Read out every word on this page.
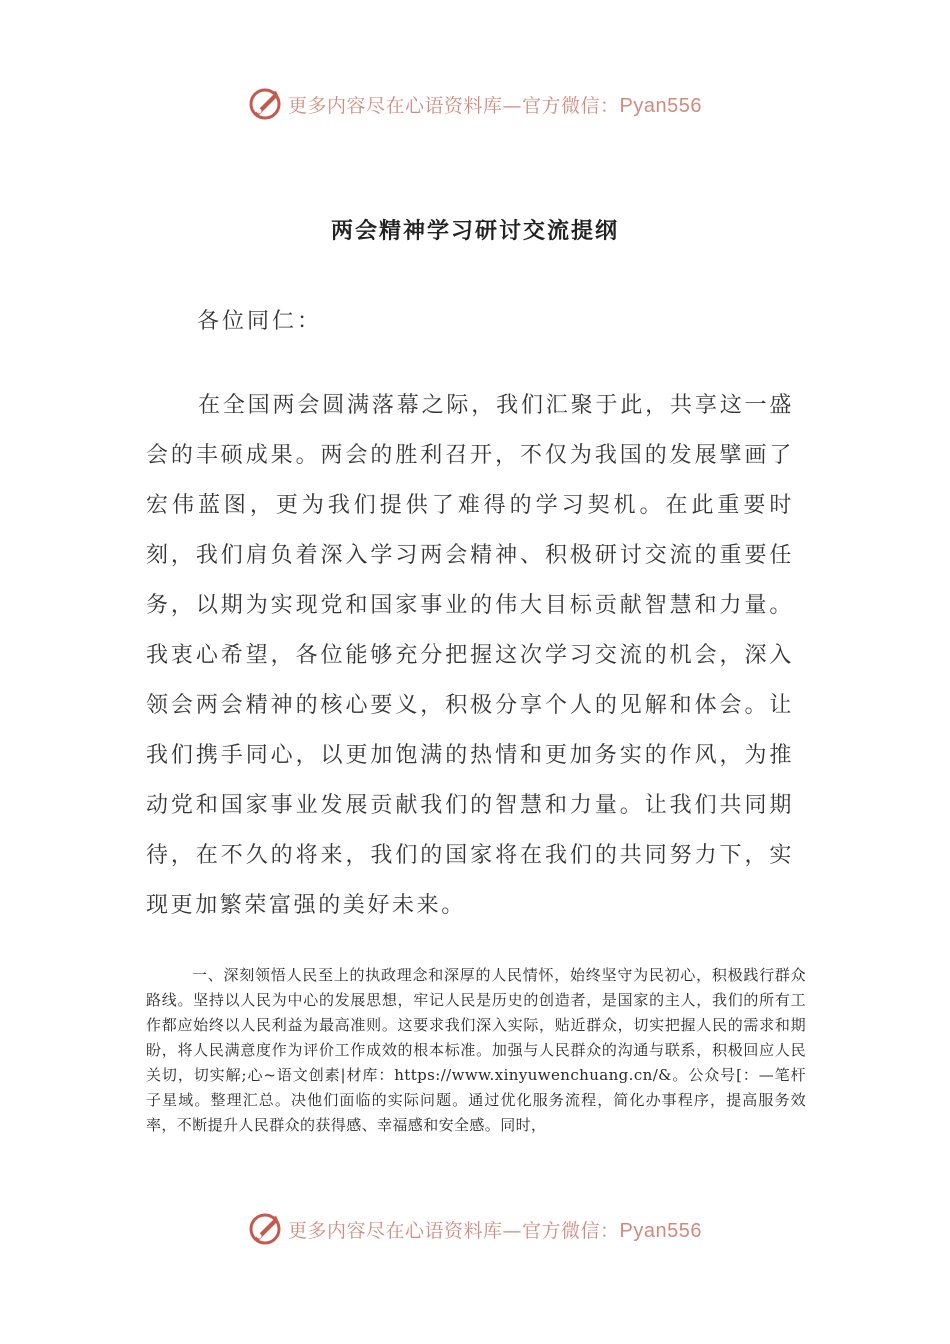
更多内容尽在心语资料库—官方微信：Pyan556
两会精神学习研讨交流提纲
各位同仁：

在全国两会圆满落幕之际，我们汇聚于此，共享这一盛会的丰硕成果。两会的胜利召开，不仅为我国的发展擘画了宏伟蓝图，更为我们提供了难得的学习契机。在此重要时刻，我们肩负着深入学习两会精神、积极研讨交流的重要任务，以期为实现党和国家事业的伟大目标贡献智慧和力量。我衷心希望，各位能够充分把握这次学习交流的机会，深入领会两会精神的核心要义，积极分享个人的见解和体会。让我们携手同心，以更加饱满的热情和更加务实的作风，为推动党和国家事业发展贡献我们的智慧和力量。让我们共同期待，在不久的将来，我们的国家将在我们的共同努力下，实现更加繁荣富强的美好未来。

一、深刻领悟人民至上的执政理念和深厚的人民情怀，始终坚守为民初心，积极践行群众路线。坚持以人民为中心的发展思想，牢记人民是历史的创造者，是国家的主人，我们的所有工作都应始终以人民利益为最高准则。这要求我们深入实际，贴近群众，切实把握人民的需求和期盼，将人民满意度作为评价工作成效的根本标准。加强与人民群众的沟通与联系，积极回应人民关切，切实解;心~语文创素|材库：https://www.xinyuwenchuang.cn/&。公众号[：—笔杆子星域。整理汇总。决他们面临的实际问题。通过优化服务流程，简化办事程序，提高服务效率，不断提升人民群众的获得感、幸福感和安全感。同时，

更多内容尽在心语资料库—官方微信：Pyan556
